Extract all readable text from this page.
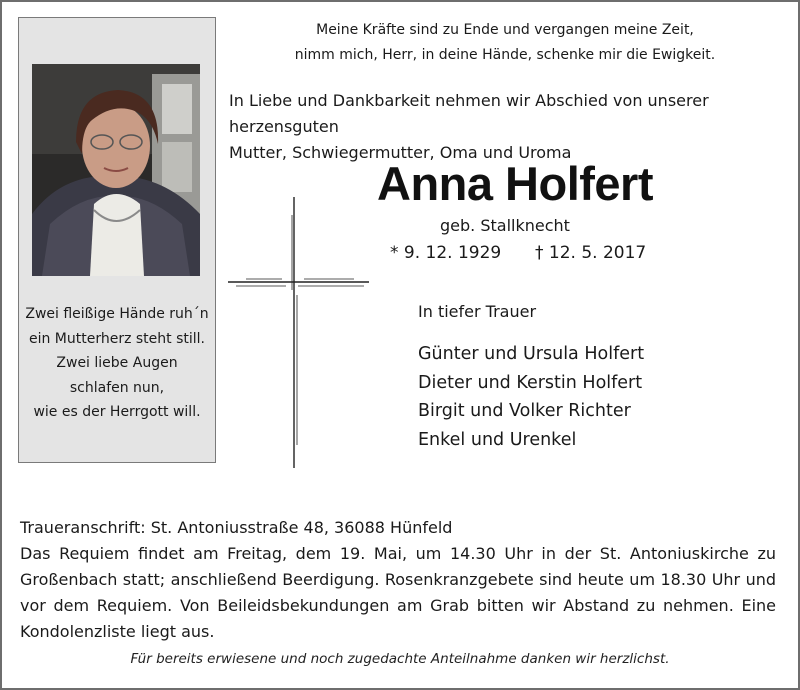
Zwei fleißige Hände ruh´n
ein Mutterherz steht still.
Zwei liebe Augen
schlafen nun,
wie es der Herrgott will.
Meine Kräfte sind zu Ende und vergangen meine Zeit,
nimm mich, Herr, in deine Hände, schenke mir die Ewigkeit.
In Liebe und Dankbarkeit nehmen wir Abschied von unserer herzensguten
Mutter, Schwiegermutter, Oma und Uroma
Anna Holfert
geb. Stallknecht
* 9. 12. 1929 † 12. 5. 2017
In tiefer Trauer
Günter und Ursula Holfert
Dieter und Kerstin Holfert
Birgit und Volker Richter
Enkel und Urenkel
Traueranschrift: St. Antoniusstraße 48, 36088 Hünfeld
Das Requiem findet am Freitag, dem 19. Mai, um 14.30 Uhr in der St. Antoniuskirche zu Großenbach statt; anschließend Beerdigung. Rosenkranzgebete sind heute um 18.30 Uhr und vor dem Requiem. Von Beileidsbekundungen am Grab bitten wir Abstand zu nehmen. Eine Kondolenzliste liegt aus.
Für bereits erwiesene und noch zugedachte Anteilnahme danken wir herzlichst.
